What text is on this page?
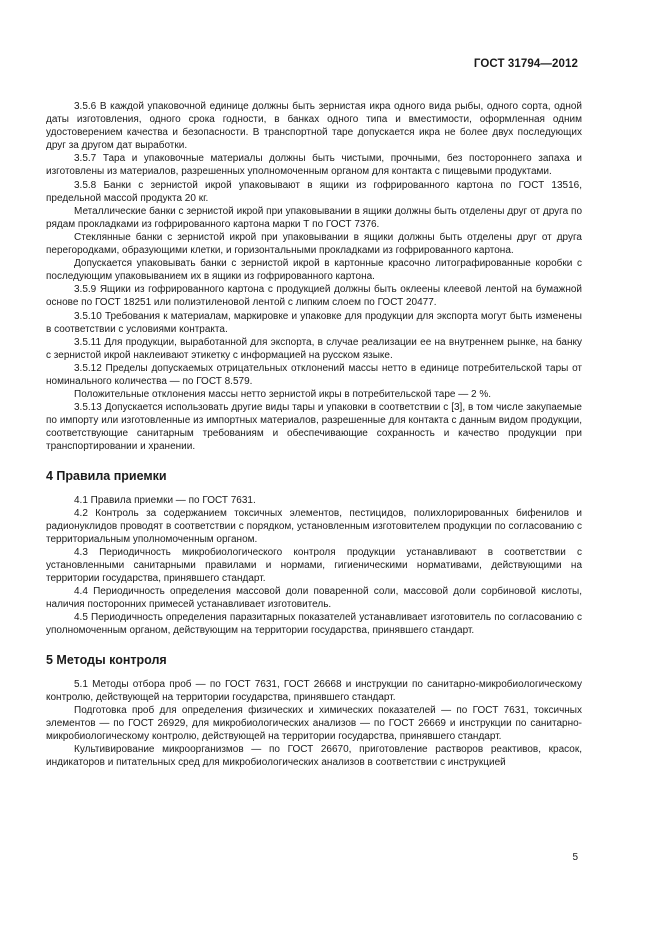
ГОСТ 31794—2012

3.5.6 В каждой упаковочной единице должны быть зернистая икра одного вида рыбы, одного сорта, одной даты изготовления, одного срока годности, в банках одного типа и вместимости, оформленная одним удостоверением качества и безопасности. В транспортной таре допускается икра не более двух последующих друг за другом дат выработки.

3.5.7 Тара и упаковочные материалы должны быть чистыми, прочными, без постороннего запаха и изготовлены из материалов, разрешенных уполномоченным органом для контакта с пищевыми продуктами.

3.5.8 Банки с зернистой икрой упаковывают в ящики из гофрированного картона по ГОСТ 13516, предельной массой продукта 20 кг.

Металлические банки с зернистой икрой при упаковывании в ящики должны быть отделены друг от друга по рядам прокладками из гофрированного картона марки Т по ГОСТ 7376.

Стеклянные банки с зернистой икрой при упаковывании в ящики должны быть отделены друг от друга перегородками, образующими клетки, и горизонтальными прокладками из гофрированного картона.

Допускается упаковывать банки с зернистой икрой в картонные красочно литографированные коробки с последующим упаковыванием их в ящики из гофрированного картона.

3.5.9 Ящики из гофрированного картона с продукцией должны быть оклеены клеевой лентой на бумажной основе по ГОСТ 18251 или полиэтиленовой лентой с липким слоем по ГОСТ 20477.

3.5.10 Требования к материалам, маркировке и упаковке для продукции для экспорта могут быть изменены в соответствии с условиями контракта.

3.5.11 Для продукции, выработанной для экспорта, в случае реализации ее на внутреннем рынке, на банку с зернистой икрой наклеивают этикетку с информацией на русском языке.

3.5.12 Пределы допускаемых отрицательных отклонений массы нетто в единице потребительской тары от номинального количества — по ГОСТ 8.579.

Положительные отклонения массы нетто зернистой икры в потребительской таре — 2 %.

3.5.13 Допускается использовать другие виды тары и упаковки в соответствии с [3], в том числе закупаемые по импорту или изготовленные из импортных материалов, разрешенные для контакта с данным видом продукции, соответствующие санитарным требованиям и обеспечивающие сохранность и качество продукции при транспортировании и хранении.

4 Правила приемки

4.1 Правила приемки — по ГОСТ 7631.

4.2 Контроль за содержанием токсичных элементов, пестицидов, полихлорированных бифенилов и радионуклидов проводят в соответствии с порядком, установленным изготовителем продукции по согласованию с территориальным уполномоченным органом.

4.3 Периодичность микробиологического контроля продукции устанавливают в соответствии с установленными санитарными правилами и нормами, гигиеническими нормативами, действующими на территории государства, принявшего стандарт.

4.4 Периодичность определения массовой доли поваренной соли, массовой доли сорбиновой кислоты, наличия посторонних примесей устанавливает изготовитель.

4.5 Периодичность определения паразитарных показателей устанавливает изготовитель по согласованию с уполномоченным органом, действующим на территории государства, принявшего стандарт.

5 Методы контроля

5.1 Методы отбора проб — по ГОСТ 7631, ГОСТ 26668 и инструкции по санитарно-микробиологическому контролю, действующей на территории государства, принявшего стандарт.

Подготовка проб для определения физических и химических показателей — по ГОСТ 7631, токсичных элементов — по ГОСТ 26929, для микробиологических анализов — по ГОСТ 26669 и инструкции по санитарно-микробиологическому контролю, действующей на территории государства, принявшего стандарт.

Культивирование микроорганизмов — по ГОСТ 26670, приготовление растворов реактивов, красок, индикаторов и питательных сред для микробиологических анализов в соответствии с инструкцией

5
